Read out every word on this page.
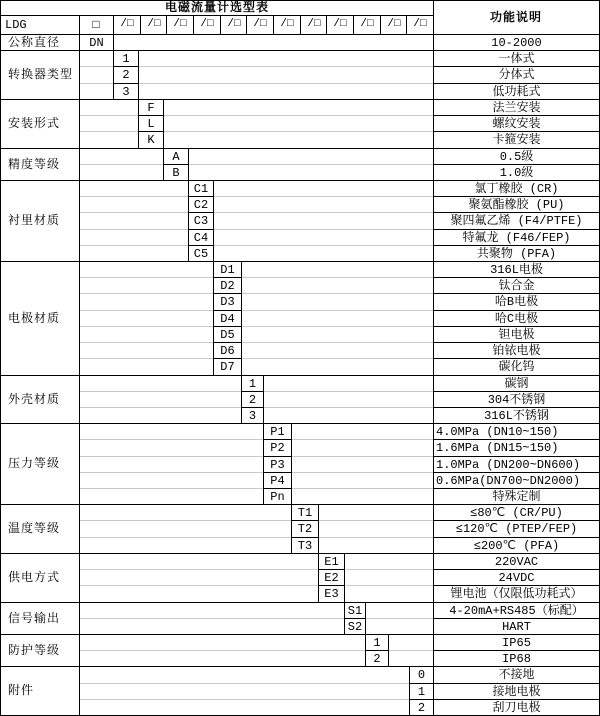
电磁流量计选型表
功能说明
LDG	□	/□	/□	/□	/□	/□	/□	/□	/□	/□	/□	/□	/□
公称直径	DN	10-2000
转换器类型
1	一体式
2	分体式
3	低功耗式
安装形式
F	法兰安装
L	螺纹安装
K	卡箍安装
精度等级
A	0.5级
B	1.0级
衬里材质
C1	氯丁橡胶 (CR)
C2	聚氨酯橡胶 (PU)
C3	聚四氟乙烯 (F4/PTFE)
C4	特氟龙 (F46/FEP)
C5	共聚物 (PFA)
电极材质
D1	316L电极
D2	钛合金
D3	哈B电极
D4	哈C电极
D5	钽电极
D6	铂铱电极
D7	碳化钨
外壳材质
1	碳钢
2	304不锈钢
3	316L不锈钢
压力等级
P1	4.0MPa (DN10~150)
P2	1.6MPa (DN15~150)
P3	1.0MPa (DN200~DN600)
P4	0.6MPa(DN700~DN2000)
Pn	特殊定制
温度等级
T1	≤80℃ (CR/PU)
T2	≤120℃ (PTEP/FEP)
T3	≤200℃ (PFA)
供电方式
E1	220VAC
E2	24VDC
E3	锂电池（仅限低功耗式）
信号输出
S1	4-20mA+RS485（标配）
S2	HART
防护等级
1	IP65
2	IP68
附件
0	不接地
1	接地电极
2	刮刀电极
